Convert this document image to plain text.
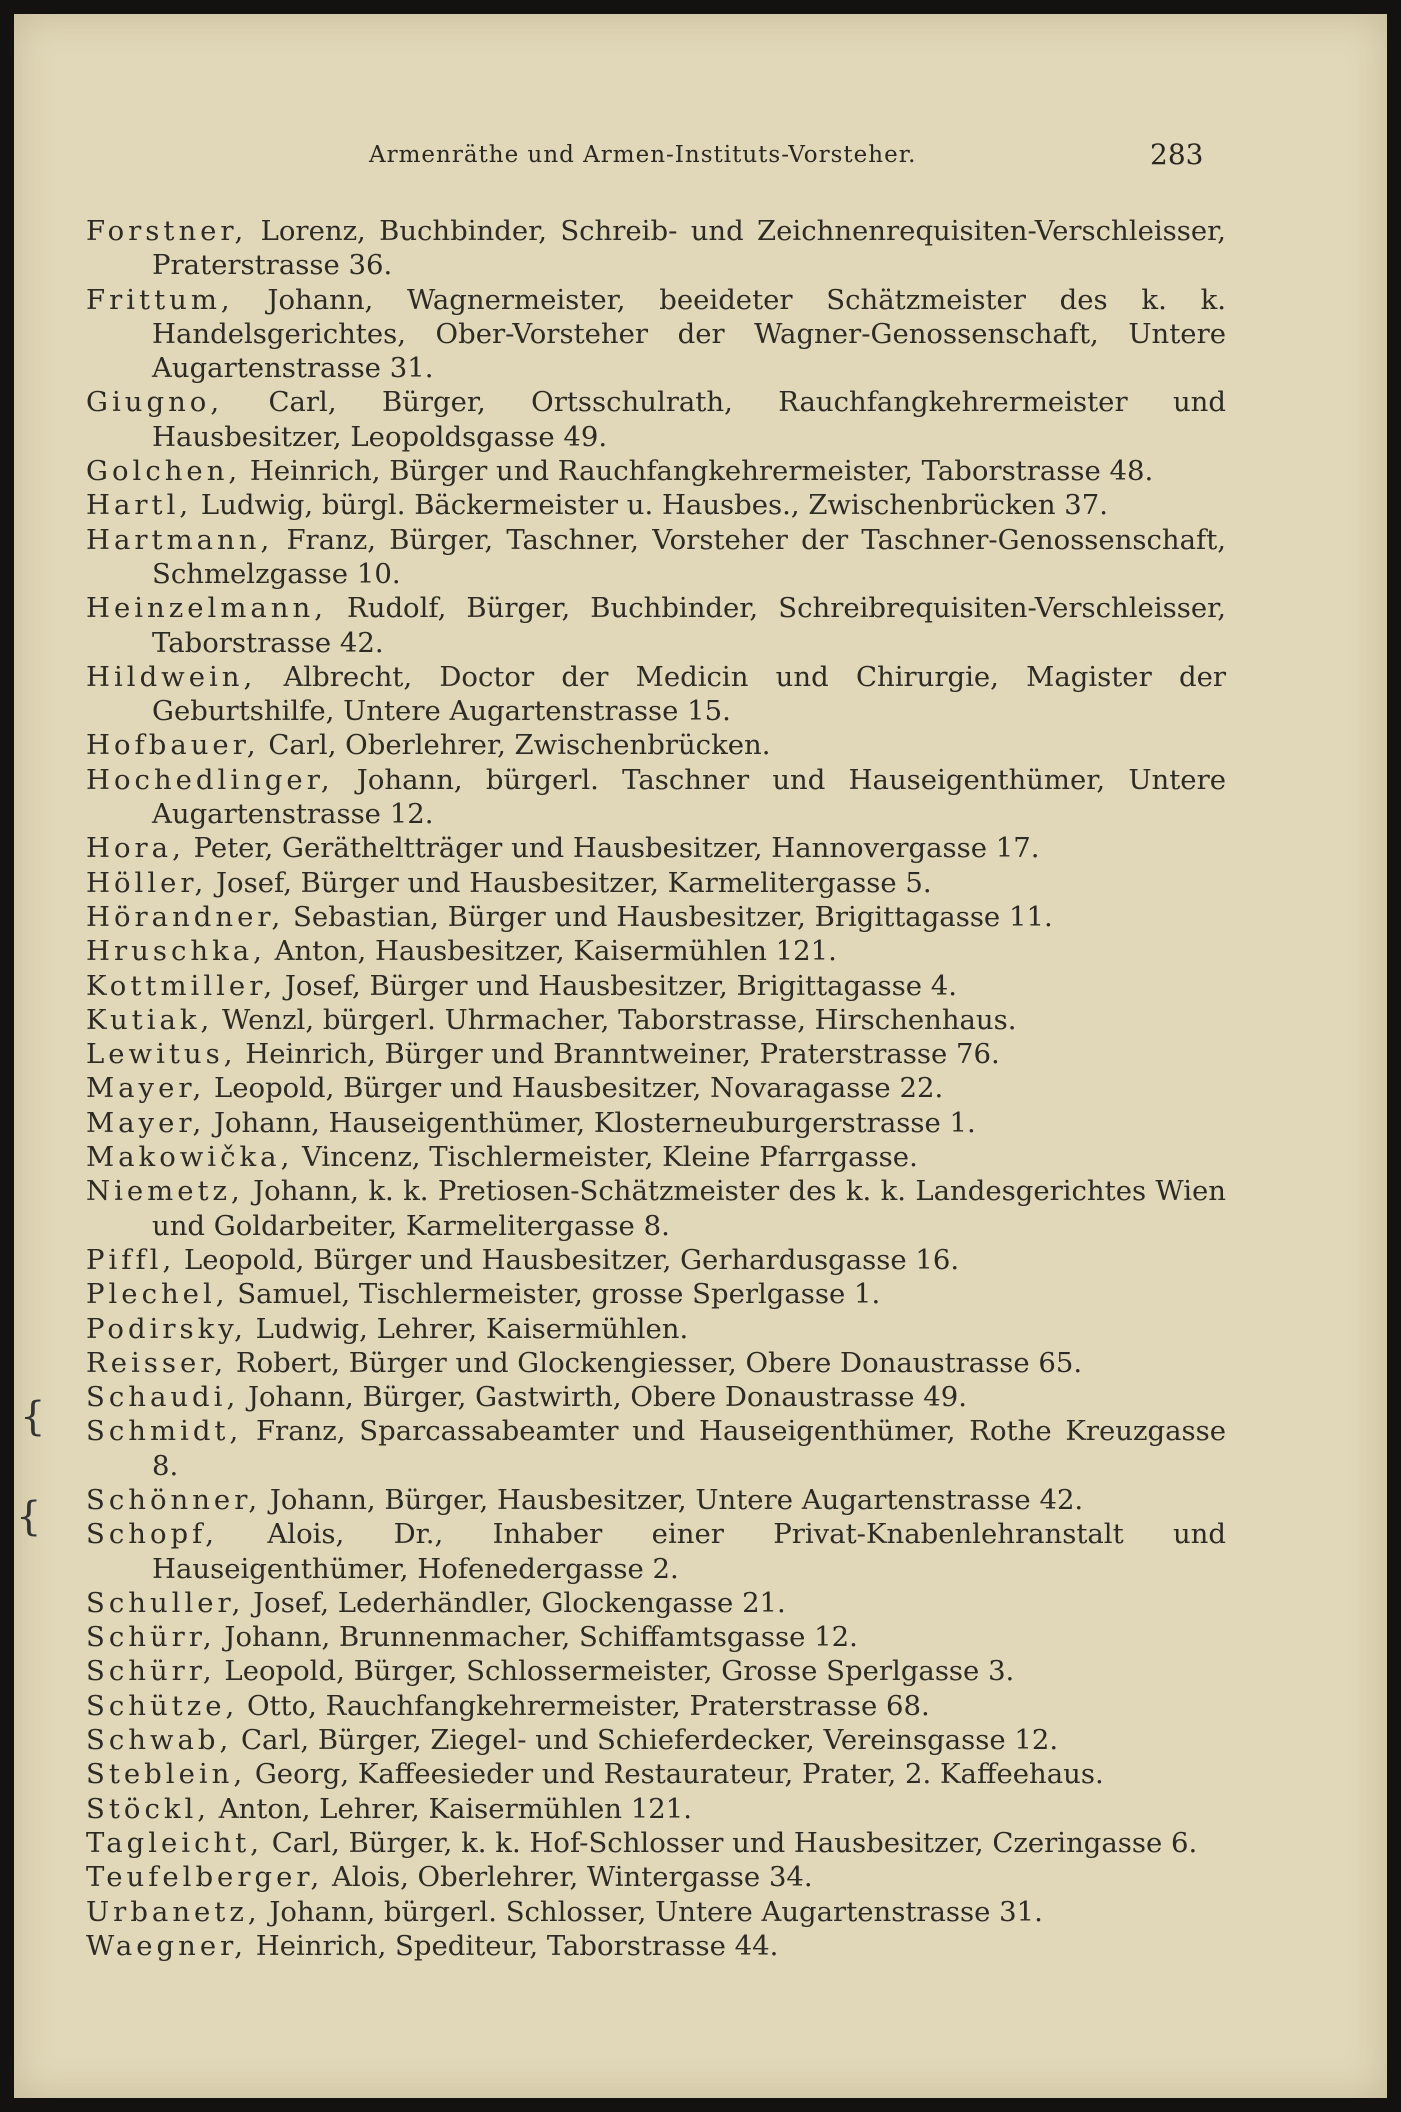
Armenräthe und Armen-Instituts-Vorsteher.	283
Forstner, Lorenz, Buchbinder, Schreib- und Zeichnenrequisiten-Verschleisser, Praterstrasse 36.
Frittum, Johann, Wagnermeister, beeideter Schätzmeister des k. k. Handelsgerichtes, Ober-Vorsteher der Wagner-Genossenschaft, Untere Augartenstrasse 31.
Giugno, Carl, Bürger, Ortsschulrath, Rauchfangkehrermeister und Hausbesitzer, Leopoldsgasse 49.
Golchen, Heinrich, Bürger und Rauchfangkehrermeister, Taborstrasse 48.
Hartl, Ludwig, bürgl. Bäckermeister u. Hausbes., Zwischenbrücken 37.
Hartmann, Franz, Bürger, Taschner, Vorsteher der Taschner-Genossenschaft, Schmelzgasse 10.
Heinzelmann, Rudolf, Bürger, Buchbinder, Schreibrequisiten-Verschleisser, Taborstrasse 42.
Hildwein, Albrecht, Doctor der Medicin und Chirurgie, Magister der Geburtshilfe, Untere Augartenstrasse 15.
Hofbauer, Carl, Oberlehrer, Zwischenbrücken.
Hochedlinger, Johann, bürgerl. Taschner und Hauseigenthümer, Untere Augartenstrasse 12.
Hora, Peter, Gerätheltträger und Hausbesitzer, Hannovergasse 17.
Höller, Josef, Bürger und Hausbesitzer, Karmelitergasse 5.
Hörandner, Sebastian, Bürger und Hausbesitzer, Brigittagasse 11.
Hruschka, Anton, Hausbesitzer, Kaisermühlen 121.
Kottmiller, Josef, Bürger und Hausbesitzer, Brigittagasse 4.
Kutiak, Wenzl, bürgerl. Uhrmacher, Taborstrasse, Hirschenhaus.
Lewitus, Heinrich, Bürger und Branntweiner, Praterstrasse 76.
Mayer, Leopold, Bürger und Hausbesitzer, Novaragasse 22.
Mayer, Johann, Hauseigenthümer, Klosterneuburgerstrasse 1.
Makowička, Vincenz, Tischlermeister, Kleine Pfarrgasse.
Niemetz, Johann, k. k. Pretiosen-Schätzmeister des k. k. Landesgerichtes Wien und Goldarbeiter, Karmelitergasse 8.
Piffl, Leopold, Bürger und Hausbesitzer, Gerhardusgasse 16.
Plechel, Samuel, Tischlermeister, grosse Sperlgasse 1.
Podirsky, Ludwig, Lehrer, Kaisermühlen.
Reisser, Robert, Bürger und Glockengiesser, Obere Donaustrasse 65.
Schaudi, Johann, Bürger, Gastwirth, Obere Donaustrasse 49.
Schmidt, Franz, Sparcassabeamter und Hauseigenthümer, Rothe Kreuzgasse 8.
Schönner, Johann, Bürger, Hausbesitzer, Untere Augartenstrasse 42.
Schopf, Alois, Dr., Inhaber einer Privat-Knabenlehranstalt und Hauseigenthümer, Hofenedergasse 2.
Schuller, Josef, Lederhändler, Glockengasse 21.
Schürr, Johann, Brunnenmacher, Schiffamtsgasse 12.
Schürr, Leopold, Bürger, Schlossermeister, Grosse Sperlgasse 3.
Schütze, Otto, Rauchfangkehrermeister, Praterstrasse 68.
Schwab, Carl, Bürger, Ziegel- und Schieferdecker, Vereinsgasse 12.
Steblein, Georg, Kaffeesieder und Restaurateur, Prater, 2. Kaffeehaus.
Stöckl, Anton, Lehrer, Kaisermühlen 121.
Tagleicht, Carl, Bürger, k. k. Hof-Schlosser und Hausbesitzer, Czeringasse 6.
Teufelberger, Alois, Oberlehrer, Wintergasse 34.
Urbanetz, Johann, bürgerl. Schlosser, Untere Augartenstrasse 31.
Waegner, Heinrich, Spediteur, Taborstrasse 44.
{
{
